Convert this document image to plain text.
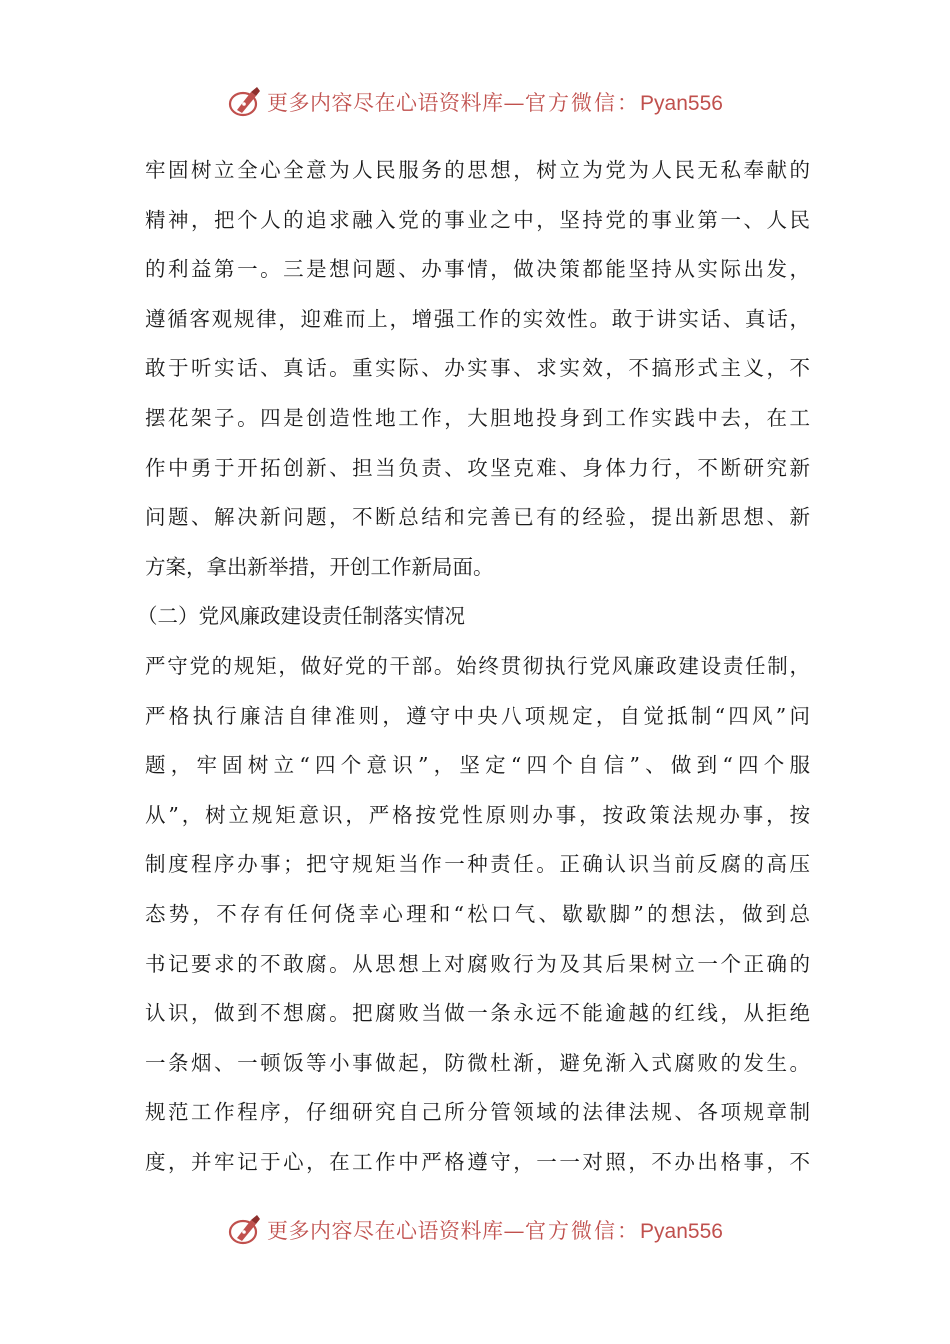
更多内容尽在心语资料库—官方微信：Pyan556
牢固树立全心全意为人民服务的思想，树立为党为人民无私奉献的
精神，把个人的追求融入党的事业之中，坚持党的事业第一、人民
的利益第一。三是想问题、办事情，做决策都能坚持从实际出发，
遵循客观规律，迎难而上，增强工作的实效性。敢于讲实话、真话，
敢于听实话、真话。重实际、办实事、求实效，不搞形式主义，不
摆花架子。四是创造性地工作，大胆地投身到工作实践中去，在工
作中勇于开拓创新、担当负责、攻坚克难、身体力行，不断研究新
问题、解决新问题，不断总结和完善已有的经验，提出新思想、新
方案，拿出新举措，开创工作新局面。
（二）党风廉政建设责任制落实情况
严守党的规矩，做好党的干部。始终贯彻执行党风廉政建设责任制，
严格执行廉洁自律准则，遵守中央八项规定，自觉抵制“四风”问
题，牢固树立“四个意识”，坚定“四个自信”、做到“四个服
从”，树立规矩意识，严格按党性原则办事，按政策法规办事，按
制度程序办事；把守规矩当作一种责任。正确认识当前反腐的高压
态势，不存有任何侥幸心理和“松口气、歇歇脚”的想法，做到总
书记要求的不敢腐。从思想上对腐败行为及其后果树立一个正确的
认识，做到不想腐。把腐败当做一条永远不能逾越的红线，从拒绝
一条烟、一顿饭等小事做起，防微杜渐，避免渐入式腐败的发生。
规范工作程序，仔细研究自己所分管领域的法律法规、各项规章制
度，并牢记于心，在工作中严格遵守，一一对照，不办出格事，不
更多内容尽在心语资料库—官方微信：Pyan556
